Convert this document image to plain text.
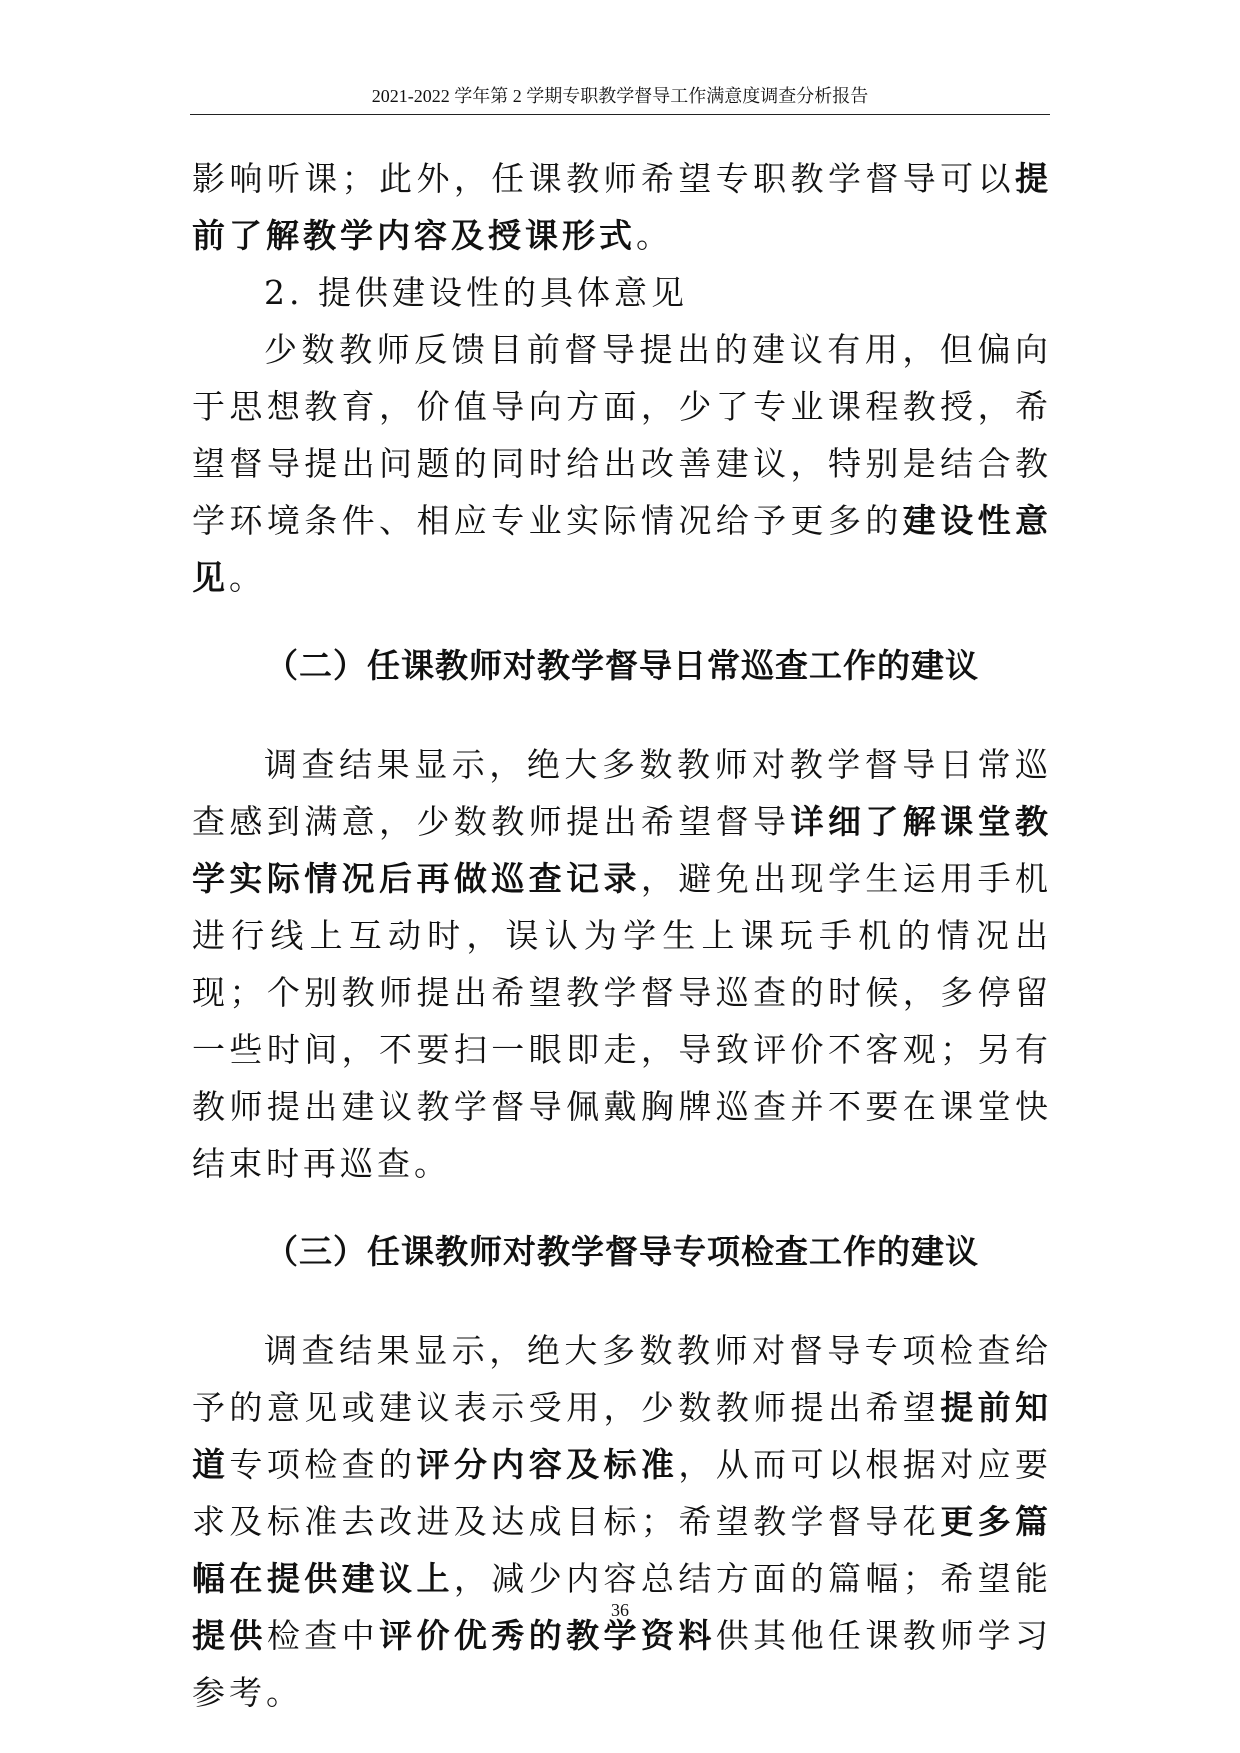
2021-2022 学年第 2 学期专职教学督导工作满意度调查分析报告

影响听课；此外，任课教师希望专职教学督导可以提前了解教学内容及授课形式。

2. 提供建设性的具体意见

少数教师反馈目前督导提出的建议有用，但偏向于思想教育，价值导向方面，少了专业课程教授，希望督导提出问题的同时给出改善建议，特别是结合教学环境条件、相应专业实际情况给予更多的建设性意见。

（二）任课教师对教学督导日常巡查工作的建议

调查结果显示，绝大多数教师对教学督导日常巡查感到满意，少数教师提出希望督导详细了解课堂教学实际情况后再做巡查记录，避免出现学生运用手机进行线上互动时，误认为学生上课玩手机的情况出现；个别教师提出希望教学督导巡查的时候，多停留一些时间，不要扫一眼即走，导致评价不客观；另有教师提出建议教学督导佩戴胸牌巡查并不要在课堂快结束时再巡查。

（三）任课教师对教学督导专项检查工作的建议

调查结果显示，绝大多数教师对督导专项检查给予的意见或建议表示受用，少数教师提出希望提前知道专项检查的评分内容及标准，从而可以根据对应要求及标准去改进及达成目标；希望教学督导花更多篇幅在提供建议上，减少内容总结方面的篇幅；希望能提供检查中评价优秀的教学资料供其他任课教师学习参考。

36
